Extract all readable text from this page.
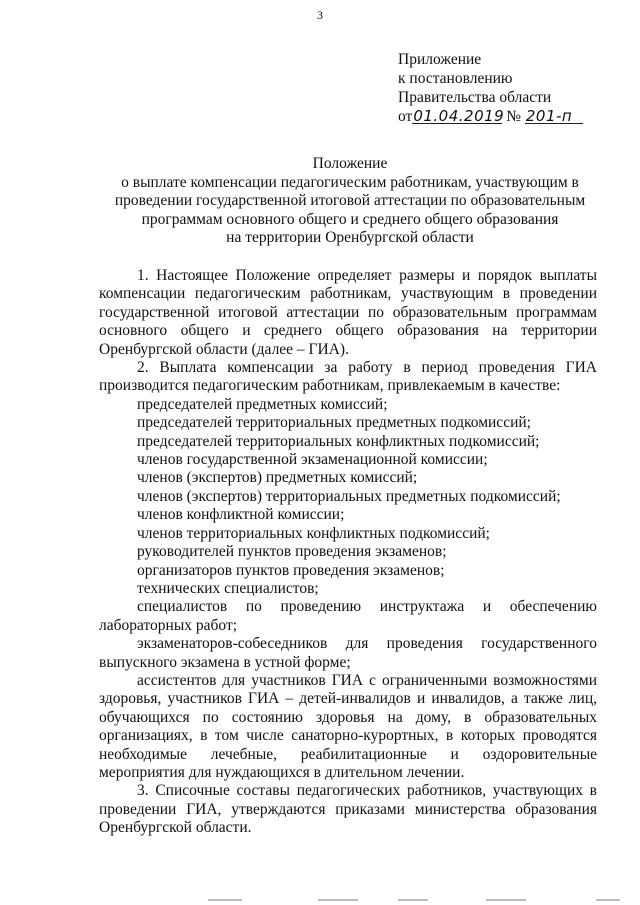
3
Приложение
к постановлению
Правительства области
от01.04.2019 № 201-п
Положение
о выплате компенсации педагогическим работникам, участвующим в
проведении государственной итоговой аттестации по образовательным
программам основного общего и среднего общего образования
на территории Оренбургской области

1. Настоящее Положение определяет размеры и порядок выплаты компенсации педагогическим работникам, участвующим в проведении государственной итоговой аттестации по образовательным программам основного общего и среднего общего образования на территории Оренбургской области (далее – ГИА).

2. Выплата компенсации за работу в период проведения ГИА производится педагогическим работникам, привлекаемым в качестве:

председателей предметных комиссий;

председателей территориальных предметных подкомиссий;

председателей территориальных конфликтных подкомиссий;

членов государственной экзаменационной комиссии;

членов (экспертов) предметных комиссий;

членов (экспертов) территориальных предметных подкомиссий;

членов конфликтной комиссии;

членов территориальных конфликтных подкомиссий;

руководителей пунктов проведения экзаменов;

организаторов пунктов проведения экзаменов;

технических специалистов;

специалистов по проведению инструктажа и обеспечению лабораторных работ;

экзаменаторов-собеседников для проведения государственного выпускного экзамена в устной форме;

ассистентов для участников ГИА с ограниченными возможностями здоровья, участников ГИА – детей-инвалидов и инвалидов, а также лиц, обучающихся по состоянию здоровья на дому, в образовательных организациях, в том числе санаторно-курортных, в которых проводятся необходимые лечебные, реабилитационные и оздоровительные мероприятия для нуждающихся в длительном лечении.

3. Списочные составы педагогических работников, участвующих в проведении ГИА, утверждаются приказами министерства образования Оренбургской области.
